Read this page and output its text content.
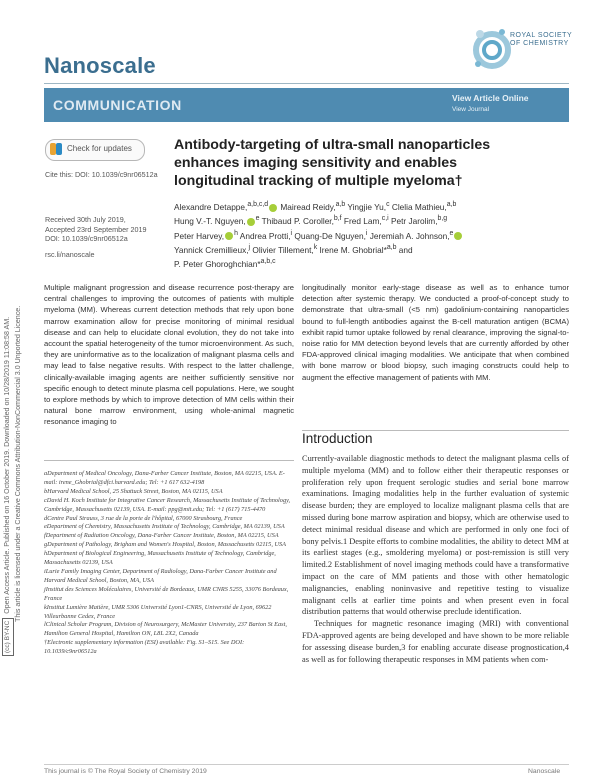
(cc) BY-NCOpen Access Article. Published on 16 October 2019. Downloaded on 10/28/2019 11:08:58 AM. This article is licensed under a Creative Commons Attribution-NonCommercial 3.0 Unported Licence.
Nanoscale
ROYAL SOCIETY
OF CHEMISTRY
COMMUNICATION	View Article Online
View Journal
Check for updates
Cite this: DOI: 10.1039/c9nr06512a
Antibody-targeting of ultra-small nanoparticles enhances imaging sensitivity and enables longitudinal tracking of multiple myeloma†
Alexandre Detappe,$^{a,b,c,d}$ Mairead Reidy,$^{a,b}$ Yingjie Yu,$^c$ Clelia Mathieu,$^{a,b}$
Hung V.-T. Nguyen, $^e$ Thibaud P. Coroller,$^{b,f}$ Fred Lam,$^{c,i}$ Petr Jarolim,$^{b,g}$
Peter Harvey, $^h$ Andrea Protti,$^i$ Quang-De Nguyen,$^i$ Jeremiah A. Johnson,$^e$
Yannick Cremillieux,$^j$ Olivier Tillement,$^k$ Irene M. Ghobrial*$^{a,b}$ and
P. Peter Ghoroghchian*$^{a,b,c}$
Received 30th July 2019,
Accepted 23rd September 2019
DOI: 10.1039/c9nr06512a
rsc.li/nanoscale
Multiple malignant progression and disease recurrence post-therapy are central challenges to improving the outcomes of patients with multiple myeloma (MM). Whereas current detection methods that rely upon bone marrow examination allow for precise monitoring of minimal residual disease and can help to elucidate clonal evolution, they do not take into account the spatial heterogeneity of the tumor microenvironment. As such, they are uninformative as to the localization of malignant plasma cells and may lead to false negative results. With respect to the latter challenge, clinically-available imaging agents are neither sufficiently sensitive nor specific enough to detect minute plasma cell populations. Here, we sought to explore methods by which to improve detection of MM cells within their natural bone marrow environment, using whole-animal magnetic resonance imaging to
longitudinally monitor early-stage disease as well as to enhance tumor detection after systemic therapy. We conducted a proof-of-concept study to demonstrate that ultra-small (<5 nm) gadolinium-containing nanoparticles bound to full-length antibodies against the B-cell maturation antigen (BCMA) exhibit rapid tumor uptake followed by renal clearance, improving the signal-to-noise ratio for MM detection beyond levels that are currently afforded by other FDA-approved clinical imaging modalities. We anticipate that when combined with bone marrow or blood biopsy, such imaging constructs could help to augment the effective management of patients with MM.
aDepartment of Medical Oncology, Dana-Farber Cancer Institute, Boston, MA 02215, USA. E-mail: irene_Ghobrial@dfci.harvard.edu; Tel: +1 617 632-4198
bHarvard Medical School, 25 Shattuck Street, Boston, MA 02115, USA
cDavid H. Koch Institute for Integrative Cancer Research, Massachusetts Institute of Technology, Cambridge, Massachusetts 02139, USA. E-mail: ppg@mit.edu; Tel: +1 (617) 715-4470
dCentre Paul Strauss, 3 rue de la porte de l'hôpital, 67000 Strasbourg, France
eDepartment of Chemistry, Massachusetts Institute of Technology, Cambridge, MA 02139, USA
fDepartment of Radiation Oncology, Dana-Farber Cancer Institute, Boston, MA 02215, USA
gDepartment of Pathology, Brigham and Women's Hospital, Boston, Massachusetts 02115, USA
hDepartment of Biological Engineering, Massachusetts Institute of Technology, Cambridge, Massachusetts 02139, USA
iLurie Family Imaging Center, Department of Radiology, Dana-Farber Cancer Institute and Harvard Medical School, Boston, MA, USA
jInstitut des Sciences Moléculaires, Université de Bordeaux, UMR CNRS 5255, 33076 Bordeaux, France
kInstitut Lumière Matière, UMR 5306 Université Lyon1-CNRS, Université de Lyon, 69622 Villeurbanne Cedex, France
lClinical Scholar Program, Division of Neurosurgery, McMaster University, 237 Barton St East, Hamilton General Hospital, Hamilton ON, L8L 2X2, Canada
†Electronic supplementary information (ESI) available: Fig. S1–S15. See DOI: 10.1039/c9nr06512a
Introduction
Currently-available diagnostic methods to detect the malignant plasma cells of multiple myeloma (MM) and to follow either their therapeutic responses or proliferation rely upon frequent serologic studies and serial bone marrow examinations. Imaging modalities help in the further evaluation of systemic disease burden; they are employed to localize malignant plasma cells that are missed during bone marrow aspiration and biopsy, which are otherwise used to detect minimal residual disease and which are performed in only one foci of bony pelvis.1 Despite efforts to combine modalities, the ability to detect MM at its earliest stages (e.g., smoldering myeloma) or post-remission is still very limited.2 Establishment of novel imaging methods could have a transformative impact on the care of MM patients and those with other hematologic malignancies, enabling noninvasive and repetitive testing to visualize malignant cells at earlier time points and when present even in focal distribution patterns that would otherwise preclude identification.
Techniques for magnetic resonance imaging (MRI) with conventional FDA-approved agents are being developed and have shown to be more reliable for assessing disease burden,3 for enabling accurate disease prognostication,4 as well as for following therapeutic responses in MM patients when com-
This journal is © The Royal Society of Chemistry 2019	Nanoscale
